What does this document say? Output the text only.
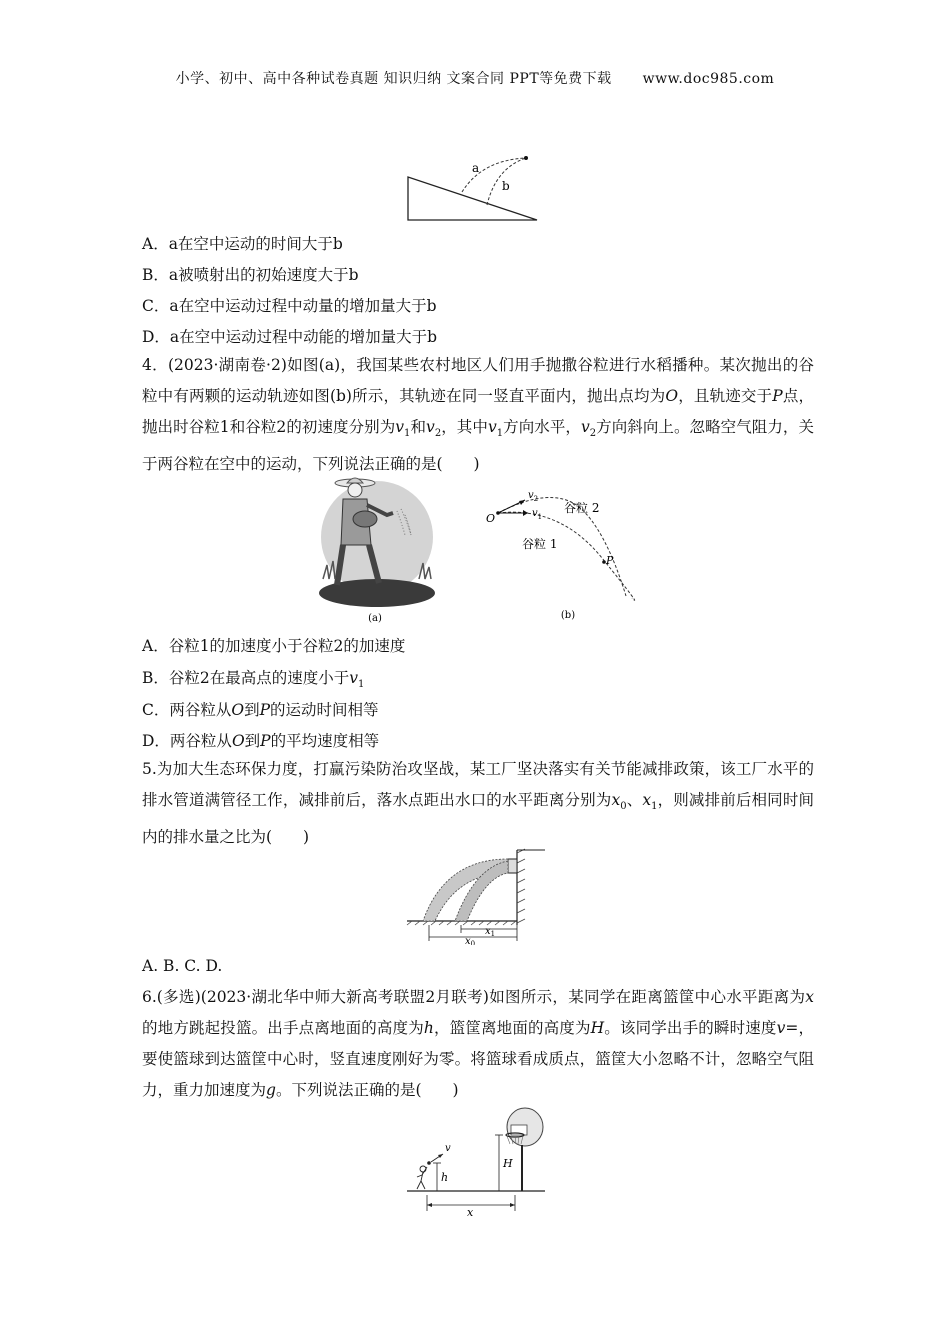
小学、初中、高中各种试卷真题 知识归纳 文案合同 PPT等免费下载 www.doc985.com
a
b
A．a在空中运动的时间大于b
B．a被喷射出的初始速度大于b
C．a在空中运动过程中动量的增加量大于b
D．a在空中运动过程中动能的增加量大于b
4．(2023·湖南卷·2)如图(a)，我国某些农村地区人们用手抛撒谷粒进行水稻播种。某次抛出的谷粒中有两颗的运动轨迹如图(b)所示，其轨迹在同一竖直平面内，抛出点均为O，且轨迹交于P点，抛出时谷粒1和谷粒2的初速度分别为$v_1$和$v_2$，其中$v_1$方向水平，$v_2$方向斜向上。忽略空气阻力，关于两谷粒在空中的运动，下列说法正确的是(　　)
(a)
O
P
$v_2$
$v_1$
谷粒 2
谷粒 1
(b)
A．谷粒1的加速度小于谷粒2的加速度
B．谷粒2在最高点的速度小于$v_1$
C．两谷粒从O到P的运动时间相等
D．两谷粒从O到P的平均速度相等
5.为加大生态环保力度，打赢污染防治攻坚战，某工厂坚决落实有关节能减排政策，该工厂水平的排水管道满管径工作，减排前后，落水点距出水口的水平距离分别为$x_0$、$x_1$，则减排前后相同时间内的排水量之比为(　　)
$x_1$
$x_0$
A. B. C. D.
6.(多选)(2023·湖北华中师大新高考联盟2月联考)如图所示，某同学在距离篮筐中心水平距离为x的地方跳起投篮。出手点离地面的高度为h，篮筐离地面的高度为H。该同学出手的瞬时速度v=，要使篮球到达篮筐中心时，竖直速度刚好为零。将篮球看成质点，篮筐大小忽略不计，忽略空气阻力，重力加速度为g。下列说法正确的是(　　)
H
v
h
x
